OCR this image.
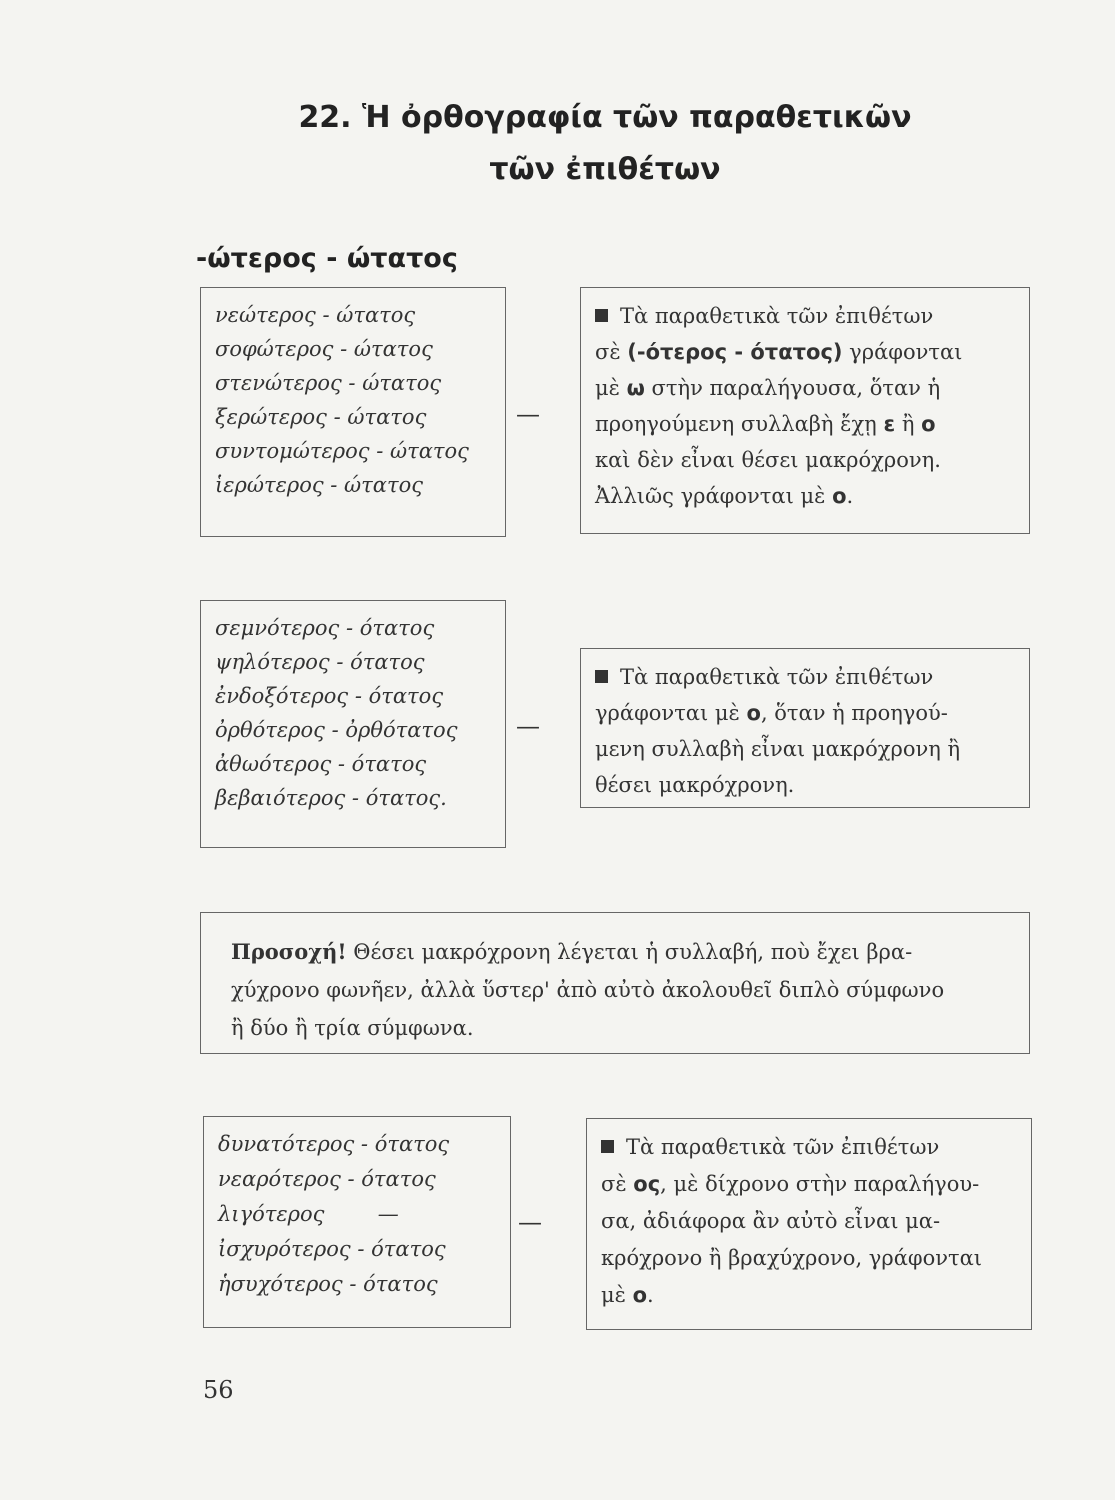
22. Ἡ ὀρθογραφία τῶν παραθετικῶν
τῶν ἐπιθέτων
-ώτερος - ώτατος
νεώτερος - ώτατος
σοφώτερος - ώτατος
στενώτερος - ώτατος
ξερώτερος - ώτατος
συντομώτερος - ώτατος
ἱερώτερος - ώτατος
—
Τὰ παραθετικὰ τῶν ἐπιθέτων
σὲ (-ότερος - ότατος) γράφονται
μὲ ω στὴν παραλήγουσα, ὅταν ἡ
προηγούμενη συλλαβὴ ἔχῃ ε ἢ ο
καὶ δὲν εἶναι θέσει μακρόχρονη.
Ἀλλιῶς γράφονται μὲ ο.
σεμνότερος - ότατος
ψηλότερος - ότατος
ἐνδοξότερος - ότατος
ὀρθότερος - ὀρθότατος
ἀθωότερος - ότατος
βεβαιότερος - ότατος.
—
Τὰ παραθετικὰ τῶν ἐπιθέτων
γράφονται μὲ ο, ὅταν ἡ προηγού-
μενη συλλαβὴ εἶναι μακρόχρονη ἢ
θέσει μακρόχρονη.
Προσοχή! Θέσει μακρόχρονη λέγεται ἡ συλλαβή, ποὺ ἔχει βρα-
χύχρονο φωνῆεν, ἀλλὰ ὕστερ' ἀπὸ αὐτὸ ἀκολουθεῖ διπλὸ σύμφωνο
ἢ δύο ἢ τρία σύμφωνα.
δυνατότερος - ότατος
νεαρότερος - ότατος
λιγότερος        —
ἰσχυρότερος - ότατος
ἡσυχότερος - ότατος
—
Τὰ παραθετικὰ τῶν ἐπιθέτων
σὲ ος, μὲ δίχρονο στὴν παραλήγου-
σα, ἀδιάφορα ἂν αὐτὸ εἶναι μα-
κρόχρονο ἢ βραχύχρονο, γράφονται
μὲ ο.
56
